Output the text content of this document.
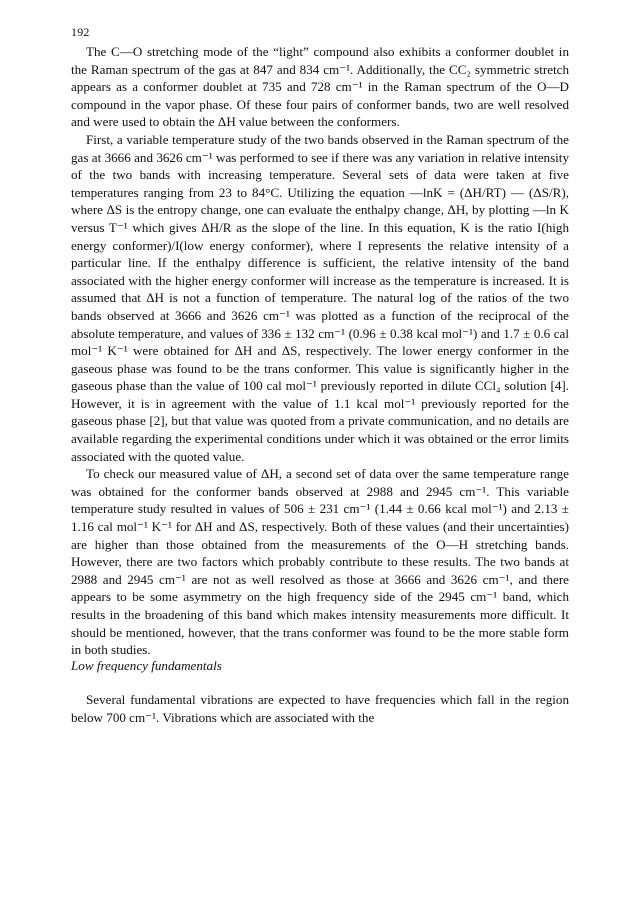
192

The C—O stretching mode of the “light” compound also exhibits a conformer doublet in the Raman spectrum of the gas at 847 and 834 cm⁻¹. Additionally, the CC₂ symmetric stretch appears as a conformer doublet at 735 and 728 cm⁻¹ in the Raman spectrum of the O—D compound in the vapor phase. Of these four pairs of conformer bands, two are well resolved and were used to obtain the ΔH value between the conformers.

First, a variable temperature study of the two bands observed in the Raman spectrum of the gas at 3666 and 3626 cm⁻¹ was performed to see if there was any variation in relative intensity of the two bands with increasing temperature. Several sets of data were taken at five temperatures ranging from 23 to 84°C. Utilizing the equation —lnK = (ΔH/RT) — (ΔS/R), where ΔS is the entropy change, one can evaluate the enthalpy change, ΔH, by plotting —ln K versus T⁻¹ which gives ΔH/R as the slope of the line. In this equation, K is the ratio I(high energy conformer)/I(low energy conformer), where I represents the relative intensity of a particular line. If the enthalpy difference is sufficient, the relative intensity of the band associated with the higher energy conformer will increase as the temperature is increased. It is assumed that ΔH is not a function of temperature. The natural log of the ratios of the two bands observed at 3666 and 3626 cm⁻¹ was plotted as a function of the reciprocal of the absolute temperature, and values of 336 ± 132 cm⁻¹ (0.96 ± 0.38 kcal mol⁻¹) and 1.7 ± 0.6 cal mol⁻¹ K⁻¹ were obtained for ΔH and ΔS, respectively. The lower energy conformer in the gaseous phase was found to be the trans conformer. This value is significantly higher in the gaseous phase than the value of 100 cal mol⁻¹ previously reported in dilute CCl₄ solution [4]. However, it is in agreement with the value of 1.1 kcal mol⁻¹ previously reported for the gaseous phase [2], but that value was quoted from a private communication, and no details are available regarding the experimental conditions under which it was obtained or the error limits associated with the quoted value.

To check our measured value of ΔH, a second set of data over the same temperature range was obtained for the conformer bands observed at 2988 and 2945 cm⁻¹. This variable temperature study resulted in values of 506 ± 231 cm⁻¹ (1.44 ± 0.66 kcal mol⁻¹) and 2.13 ± 1.16 cal mol⁻¹ K⁻¹ for ΔH and ΔS, respectively. Both of these values (and their uncertainties) are higher than those obtained from the measurements of the O—H stretching bands. However, there are two factors which probably contribute to these results. The two bands at 2988 and 2945 cm⁻¹ are not as well resolved as those at 3666 and 3626 cm⁻¹, and there appears to be some asymmetry on the high frequency side of the 2945 cm⁻¹ band, which results in the broadening of this band which makes intensity measurements more difficult. It should be mentioned, however, that the trans conformer was found to be the more stable form in both studies.

Low frequency fundamentals

Several fundamental vibrations are expected to have frequencies which fall in the region below 700 cm⁻¹. Vibrations which are associated with the
